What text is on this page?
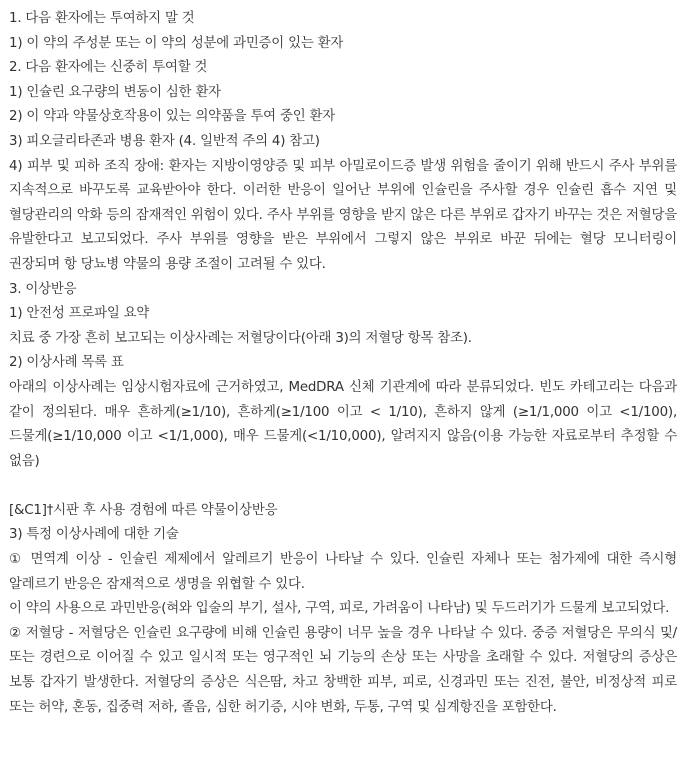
1. 다음 환자에는 투여하지 말 것

1) 이 약의 주성분 또는 이 약의 성분에 과민증이 있는 환자

2. 다음 환자에는 신중히 투여할 것

1) 인슐린 요구량의 변동이 심한 환자

2) 이 약과 약물상호작용이 있는 의약품을 투여 중인 환자

3) 피오글리타존과 병용 환자 (4. 일반적 주의 4) 참고)

4) 피부 및 피하 조직 장애: 환자는 지방이영양증 및 피부 아밀로이드증 발생 위험을 줄이기 위해 반드시 주사 부위를 지속적으로 바꾸도록 교육받아야 한다. 이러한 반응이 일어난 부위에 인슐린을 주사할 경우 인슐린 흡수 지연 및 혈당관리의 악화 등의 잠재적인 위험이 있다. 주사 부위를 영향을 받지 않은 다른 부위로 갑자기 바꾸는 것은 저혈당을 유발한다고 보고되었다. 주사 부위를 영향을 받은 부위에서 그렇지 않은 부위로 바꾼 뒤에는 혈당 모니터링이 권장되며 항 당뇨병 약물의 용량 조절이 고려될 수 있다.

3. 이상반응

1) 안전성 프로파일 요약

치료 중 가장 흔히 보고되는 이상사례는 저혈당이다(아래 3)의 저혈당 항목 참조).

2) 이상사례 목록 표

아래의 이상사례는 임상시험자료에 근거하였고, MedDRA 신체 기관계에 따라 분류되었다. 빈도 카테고리는 다음과 같이 정의된다. 매우 흔하게(≥1/10), 흔하게(≥1/100 이고 < 1/10), 흔하지 않게 (≥1/1,000 이고 <1/100), 드물게(≥1/10,000 이고 <1/1,000), 매우 드물게(<1/10,000), 알려지지 않음(이용 가능한 자료로부터 추정할 수 없음)

[&C1]†시판 후 사용 경험에 따른 약물이상반응

3) 특정 이상사례에 대한 기술

① 면역계 이상 - 인슐린 제제에서 알레르기 반응이 나타날 수 있다. 인슐린 자체나 또는 첨가제에 대한 즉시형 알레르기 반응은 잠재적으로 생명을 위협할 수 있다.

이 약의 사용으로 과민반응(혀와 입술의 부기, 설사, 구역, 피로, 가려움이 나타남) 및 두드러기가 드물게 보고되었다.

② 저혈당 - 저혈당은 인슐린 요구량에 비해 인슐린 용량이 너무 높을 경우 나타날 수 있다. 중증 저혈당은 무의식 및/또는 경련으로 이어질 수 있고 일시적 또는 영구적인 뇌 기능의 손상 또는 사망을 초래할 수 있다. 저혈당의 증상은 보통 갑자기 발생한다. 저혈당의 증상은 식은땀, 차고 창백한 피부, 피로, 신경과민 또는 진전, 불안, 비정상적 피로 또는 허약, 혼동, 집중력 저하, 졸음, 심한 허기증, 시야 변화, 두통, 구역 및 심계항진을 포함한다.
